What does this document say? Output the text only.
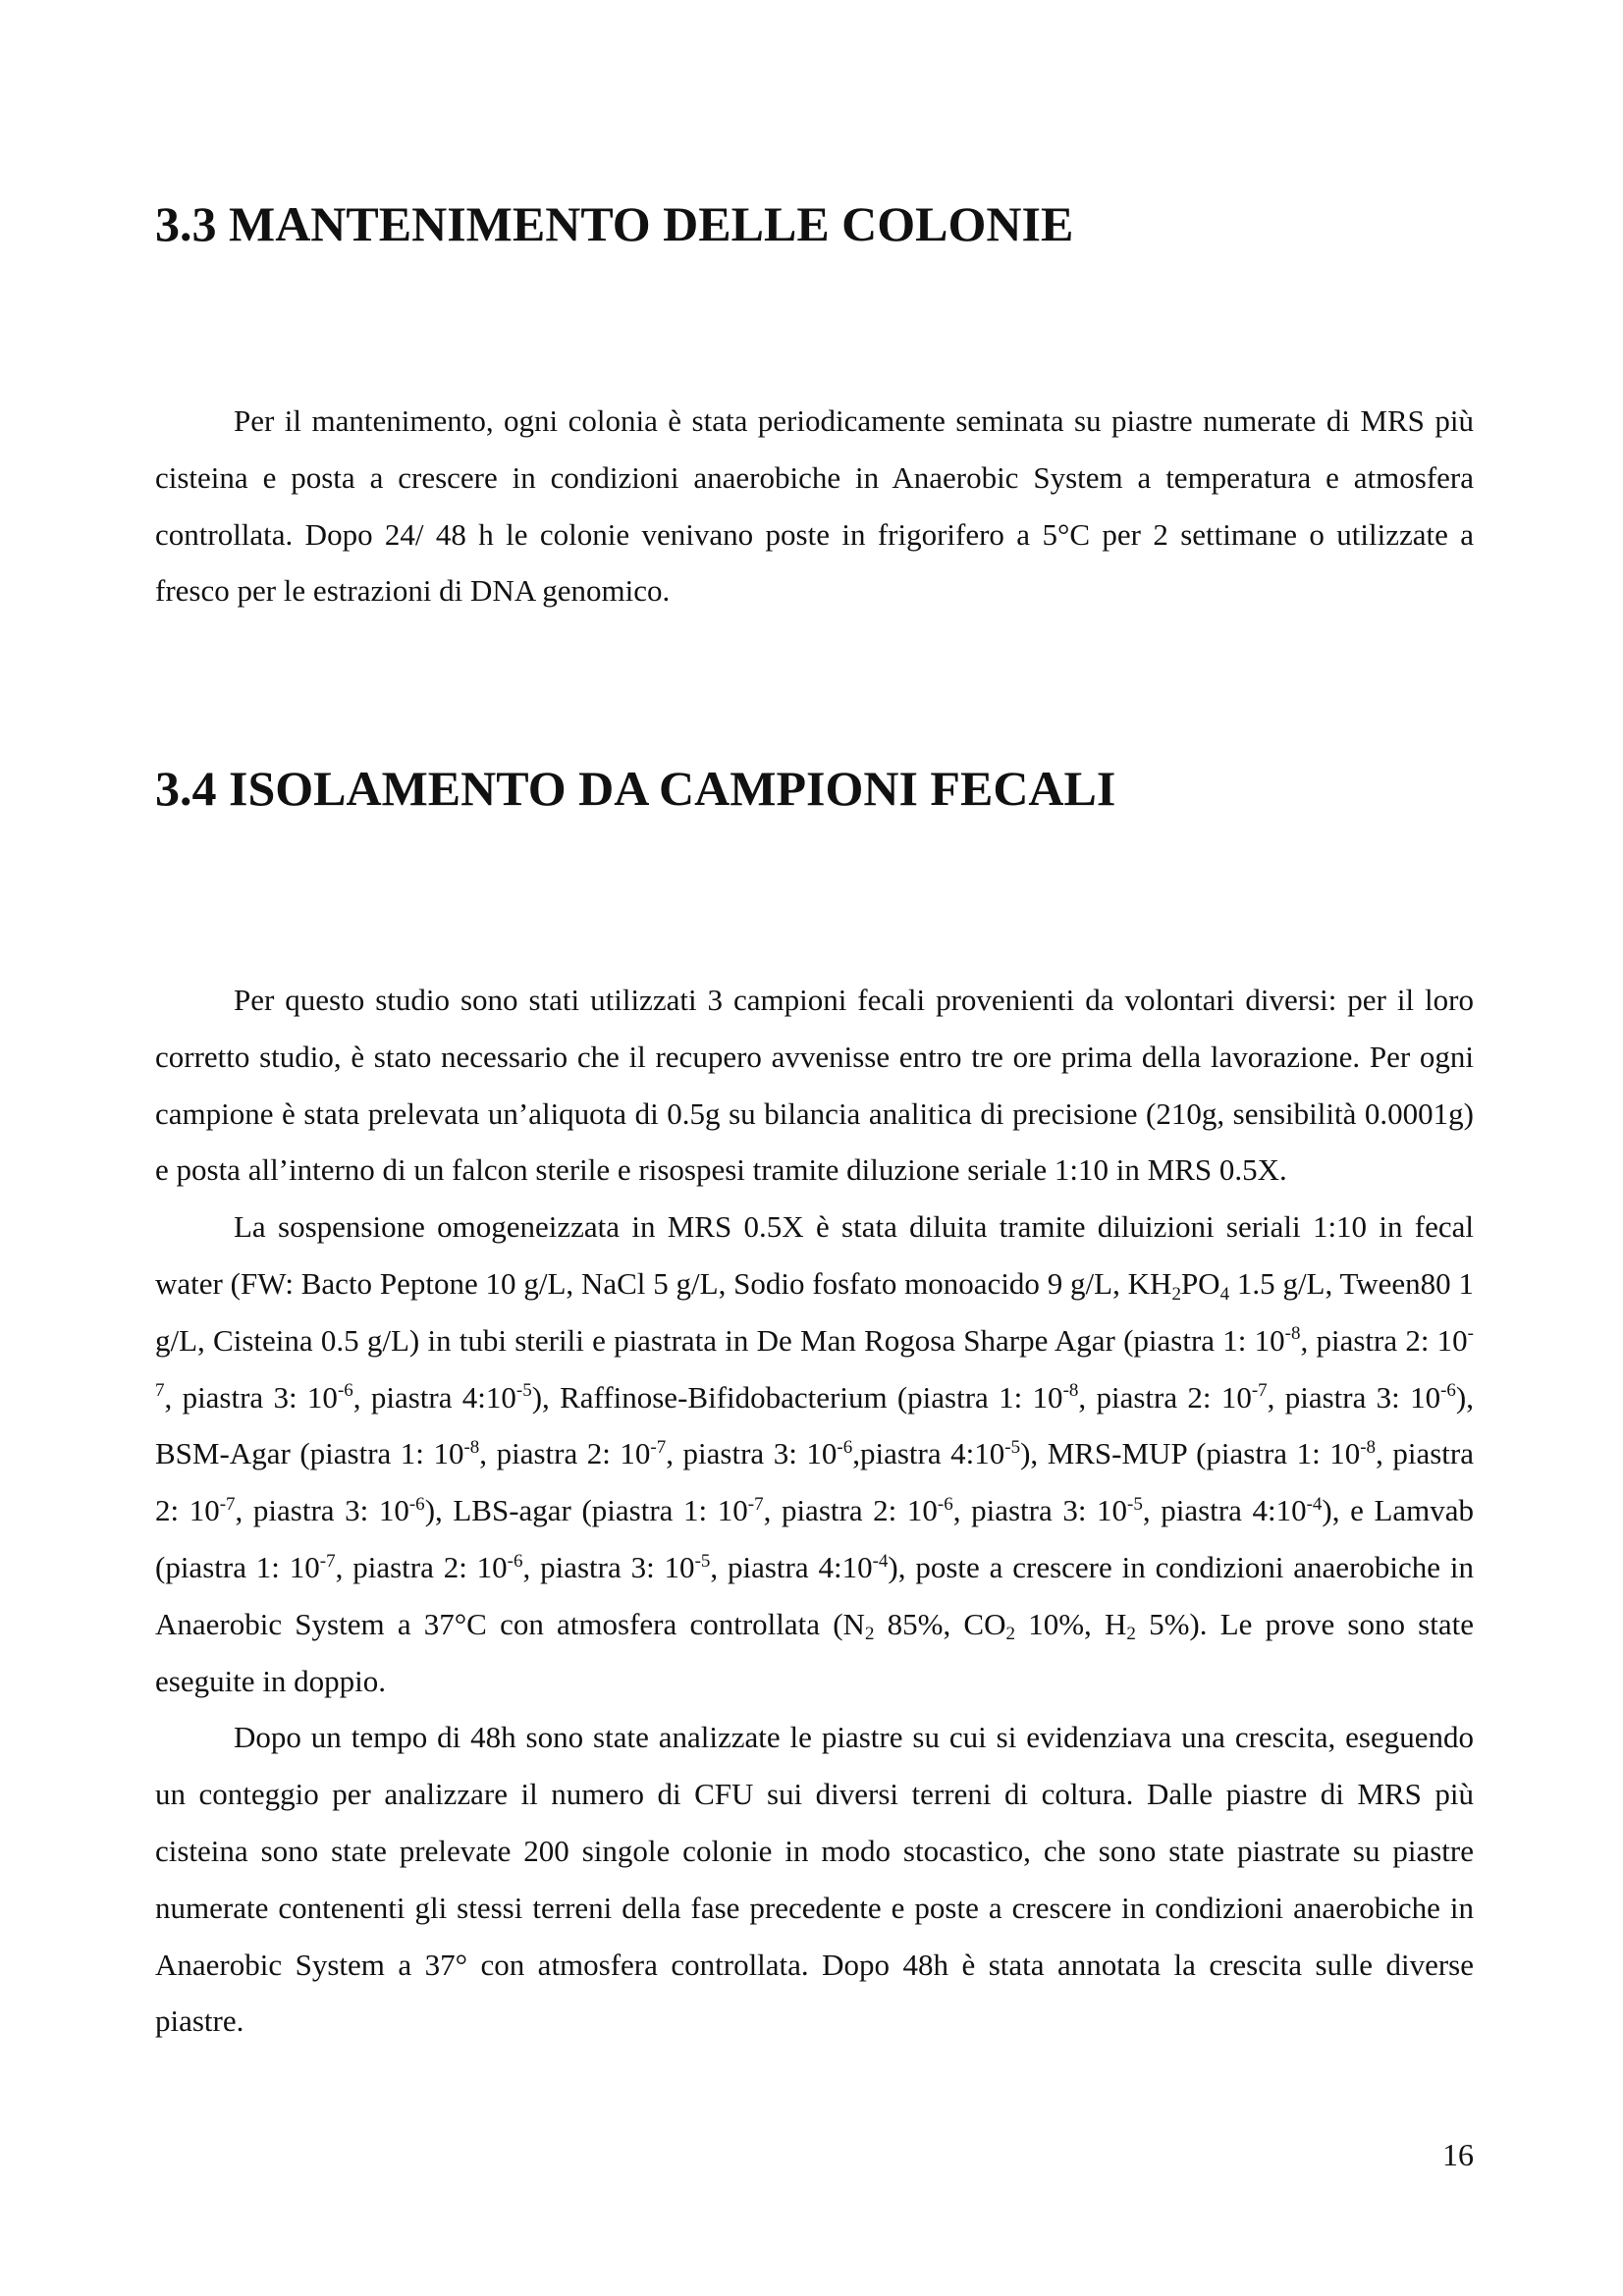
3.3 MANTENIMENTO DELLE COLONIE

Per il mantenimento, ogni colonia è stata periodicamente seminata su piastre numerate di MRS più cisteina e posta a crescere in condizioni anaerobiche in Anaerobic System a temperatura e atmosfera controllata. Dopo 24/ 48 h le colonie venivano poste in frigorifero a 5°C per 2 settimane o utilizzate a fresco per le estrazioni di DNA genomico.

3.4 ISOLAMENTO DA CAMPIONI FECALI

Per questo studio sono stati utilizzati 3 campioni fecali provenienti da volontari diversi: per il loro corretto studio, è stato necessario che il recupero avvenisse entro tre ore prima della lavorazione. Per ogni campione è stata prelevata un’aliquota di 0.5g su bilancia analitica di precisione (210g, sensibilità 0.0001g) e posta all’interno di un falcon sterile e risospesi tramite diluzione seriale 1:10 in MRS 0.5X.

La sospensione omogeneizzata in MRS 0.5X è stata diluita tramite diluizioni seriali 1:10 in fecal water (FW: Bacto Peptone 10 g/L, NaCl 5 g/L, Sodio fosfato monoacido 9 g/L, $KH_2PO_4$ 1.5 g/L, Tween80 1 g/L, Cisteina 0.5 g/L) in tubi sterili e piastrata in De Man Rogosa Sharpe Agar (piastra 1: $10^{-8}$, piastra 2: $10^{-7}$, piastra 3: $10^{-6}$, piastra $4:10^{-5}$), Raffinose-Bifidobacterium (piastra 1: $10^{-8}$, piastra 2: $10^{-7}$, piastra 3: $10^{-6}$), BSM-Agar (piastra 1: $10^{-8}$, piastra 2: $10^{-7}$, piastra 3: $10^{-6},piastra$ $4:10^{-5}$), MRS-MUP (piastra 1: $10^{-8}$, piastra 2: $10^{-7}$, piastra 3: $10^{-6}$), LBS-agar (piastra 1: $10^{-7}$, piastra 2: $10^{-6}$, piastra 3: $10^{-5}$, piastra $4:10^{-4}$), e Lamvab (piastra 1: $10^{-7}$, piastra 2: $10^{-6}$, piastra 3: $10^{-5}$, piastra $4:10^{-4}$), poste a crescere in condizioni anaerobiche in Anaerobic System a 37°C con atmosfera controllata ($N_2$ 85%, $CO_2$ 10%, $H_2$ 5%). Le prove sono state eseguite in doppio.

Dopo un tempo di 48h sono state analizzate le piastre su cui si evidenziava una crescita, eseguendo un conteggio per analizzare il numero di CFU sui diversi terreni di coltura. Dalle piastre di MRS più cisteina sono state prelevate 200 singole colonie in modo stocastico, che sono state piastrate su piastre numerate contenenti gli stessi terreni della fase precedente e poste a crescere in condizioni anaerobiche in Anaerobic System a 37° con atmosfera controllata. Dopo 48h è stata annotata la crescita sulle diverse piastre.

16
